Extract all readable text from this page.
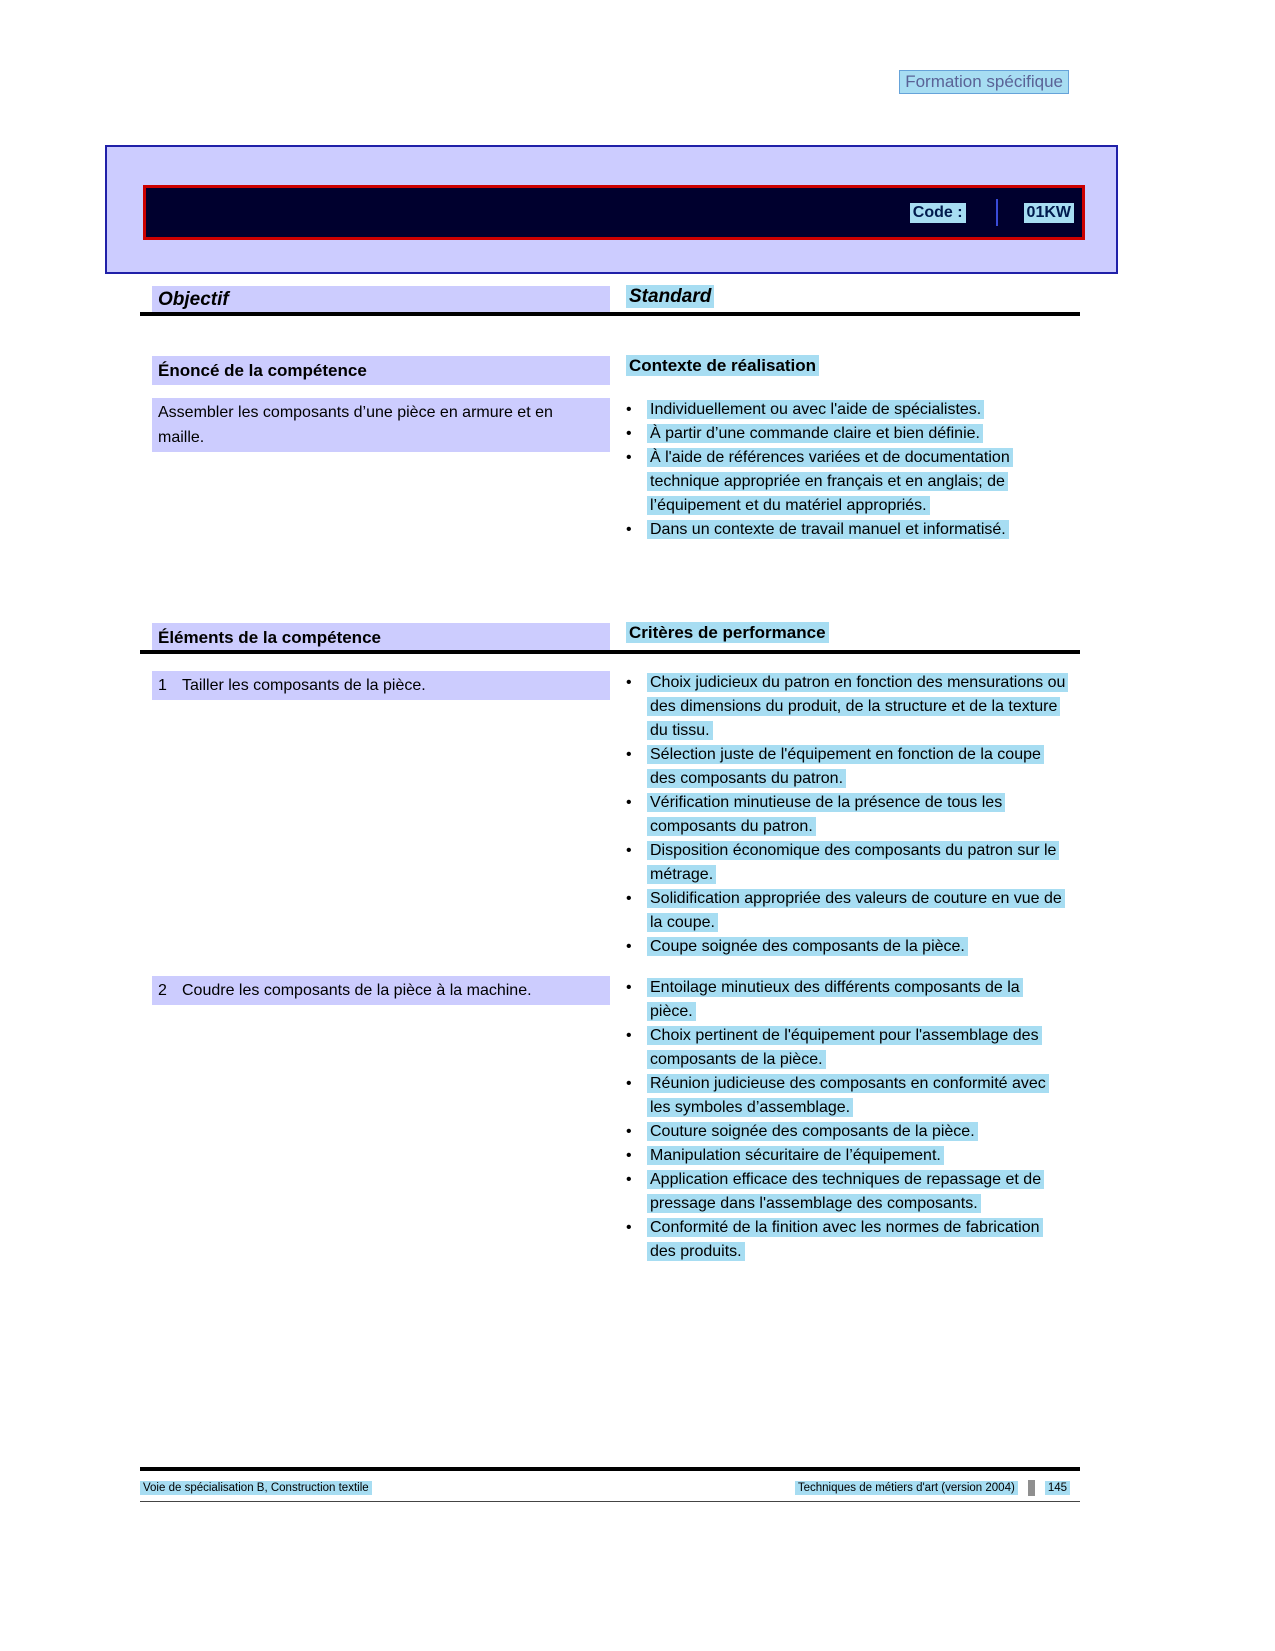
Formation spécifique
Code :	01KW
Objectif	Standard
Énoncé de la compétence	Contexte de réalisation
Assembler les composants d’une pièce en armure et en maille.
•	Individuellement ou avec l'aide de spécialistes.
•	À partir d’une commande claire et bien définie.
•	À l'aide de références variées et de documentation technique appropriée en français et en anglais; de l’équipement et du matériel appropriés.
•	Dans un contexte de travail manuel et informatisé.
Éléments de la compétence	Critères de performance
1 Tailler les composants de la pièce.	•	Choix judicieux du patron en fonction des mensurations ou des dimensions du produit, de la structure et de la texture du tissu.
•	Sélection juste de l'équipement en fonction de la coupe des composants du patron.
•	Vérification minutieuse de la présence de tous les composants du patron.
•	Disposition économique des composants du patron sur le métrage.
•	Solidification appropriée des valeurs de couture en vue de la coupe.
•	Coupe soignée des composants de la pièce.
2 Coudre les composants de la pièce à la machine.	•	Entoilage minutieux des différents composants de la pièce.
•	Choix pertinent de l'équipement pour l'assemblage des composants de la pièce.
•	Réunion judicieuse des composants en conformité avec les symboles d’assemblage.
•	Couture soignée des composants de la pièce.
•	Manipulation sécuritaire de l’équipement.
•	Application efficace des techniques de repassage et de pressage dans l'assemblage des composants.
•	Conformité de la finition avec les normes de fabrication des produits.
Voie de spécialisation B, Construction textile	Techniques de métiers d'art (version 2004)	145
